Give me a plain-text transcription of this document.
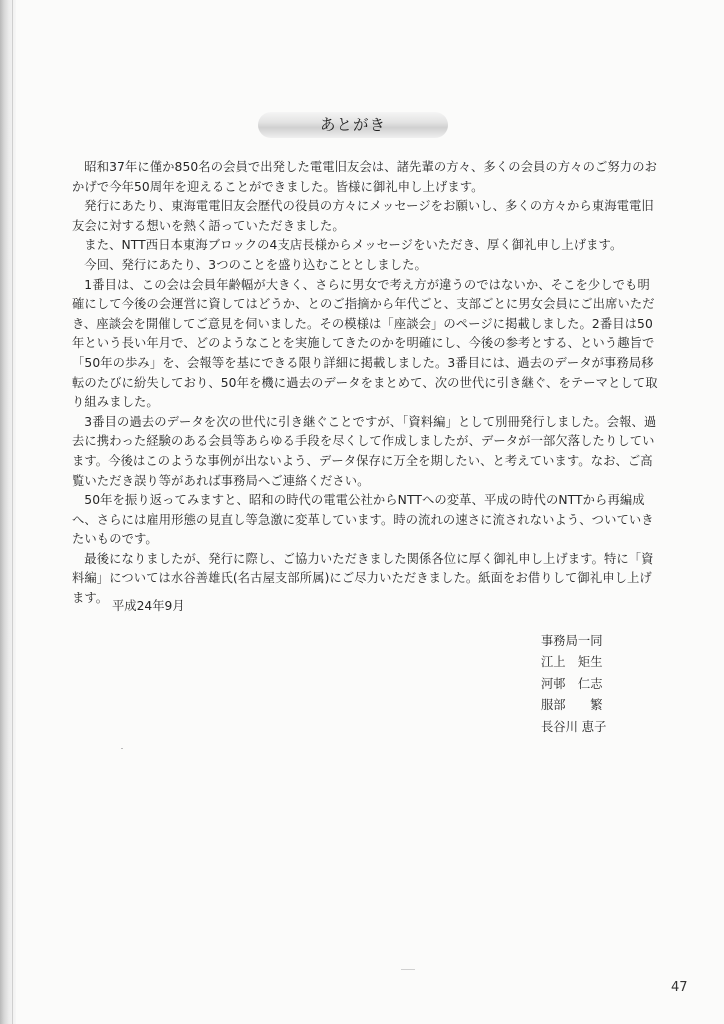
あとがき

昭和37年に僅か850名の会員で出発した電電旧友会は、諸先輩の方々、多くの会員の方々のご努力のおかげで今年50周年を迎えることができました。皆様に御礼申し上げます。

発行にあたり、東海電電旧友会歴代の役員の方々にメッセージをお願いし、多くの方々から東海電電旧友会に対する想いを熱く語っていただきました。

また、NTT西日本東海ブロックの4支店長様からメッセージをいただき、厚く御礼申し上げます。

今回、発行にあたり、3つのことを盛り込むこととしました。

1番目は、この会は会員年齢幅が大きく、さらに男女で考え方が違うのではないか、そこを少しでも明確にして今後の会運営に資してはどうか、とのご指摘から年代ごと、支部ごとに男女会員にご出席いただき、座談会を開催してご意見を伺いました。その模様は「座談会」のページに掲載しました。2番目は50年という長い年月で、どのようなことを実施してきたのかを明確にし、今後の参考とする、という趣旨で「50年の歩み」を、会報等を基にできる限り詳細に掲載しました。3番目には、過去のデータが事務局移転のたびに紛失しており、50年を機に過去のデータをまとめて、次の世代に引き継ぐ、をテーマとして取り組みました。

3番目の過去のデータを次の世代に引き継ぐことですが、「資料編」として別冊発行しました。会報、過去に携わった経験のある会員等あらゆる手段を尽くして作成しましたが、データが一部欠落したりしています。今後はこのような事例が出ないよう、データ保存に万全を期したい、と考えています。なお、ご高覧いただき誤り等があれば事務局へご連絡ください。

50年を振り返ってみますと、昭和の時代の電電公社からNTTへの変革、平成の時代のNTTから再編成へ、さらには雇用形態の見直し等急激に変革しています。時の流れの速さに流されないよう、ついていきたいものです。

最後になりましたが、発行に際し、ご協力いただきました関係各位に厚く御礼申し上げます。特に「資料編」については水谷善雄氏(名古屋支部所属)にご尽力いただきました。紙面をお借りして御礼申し上げます。

平成24年9月
事務局一同
江上　矩生
河邨　仁志
服部　　繁
長谷川 恵子
47
